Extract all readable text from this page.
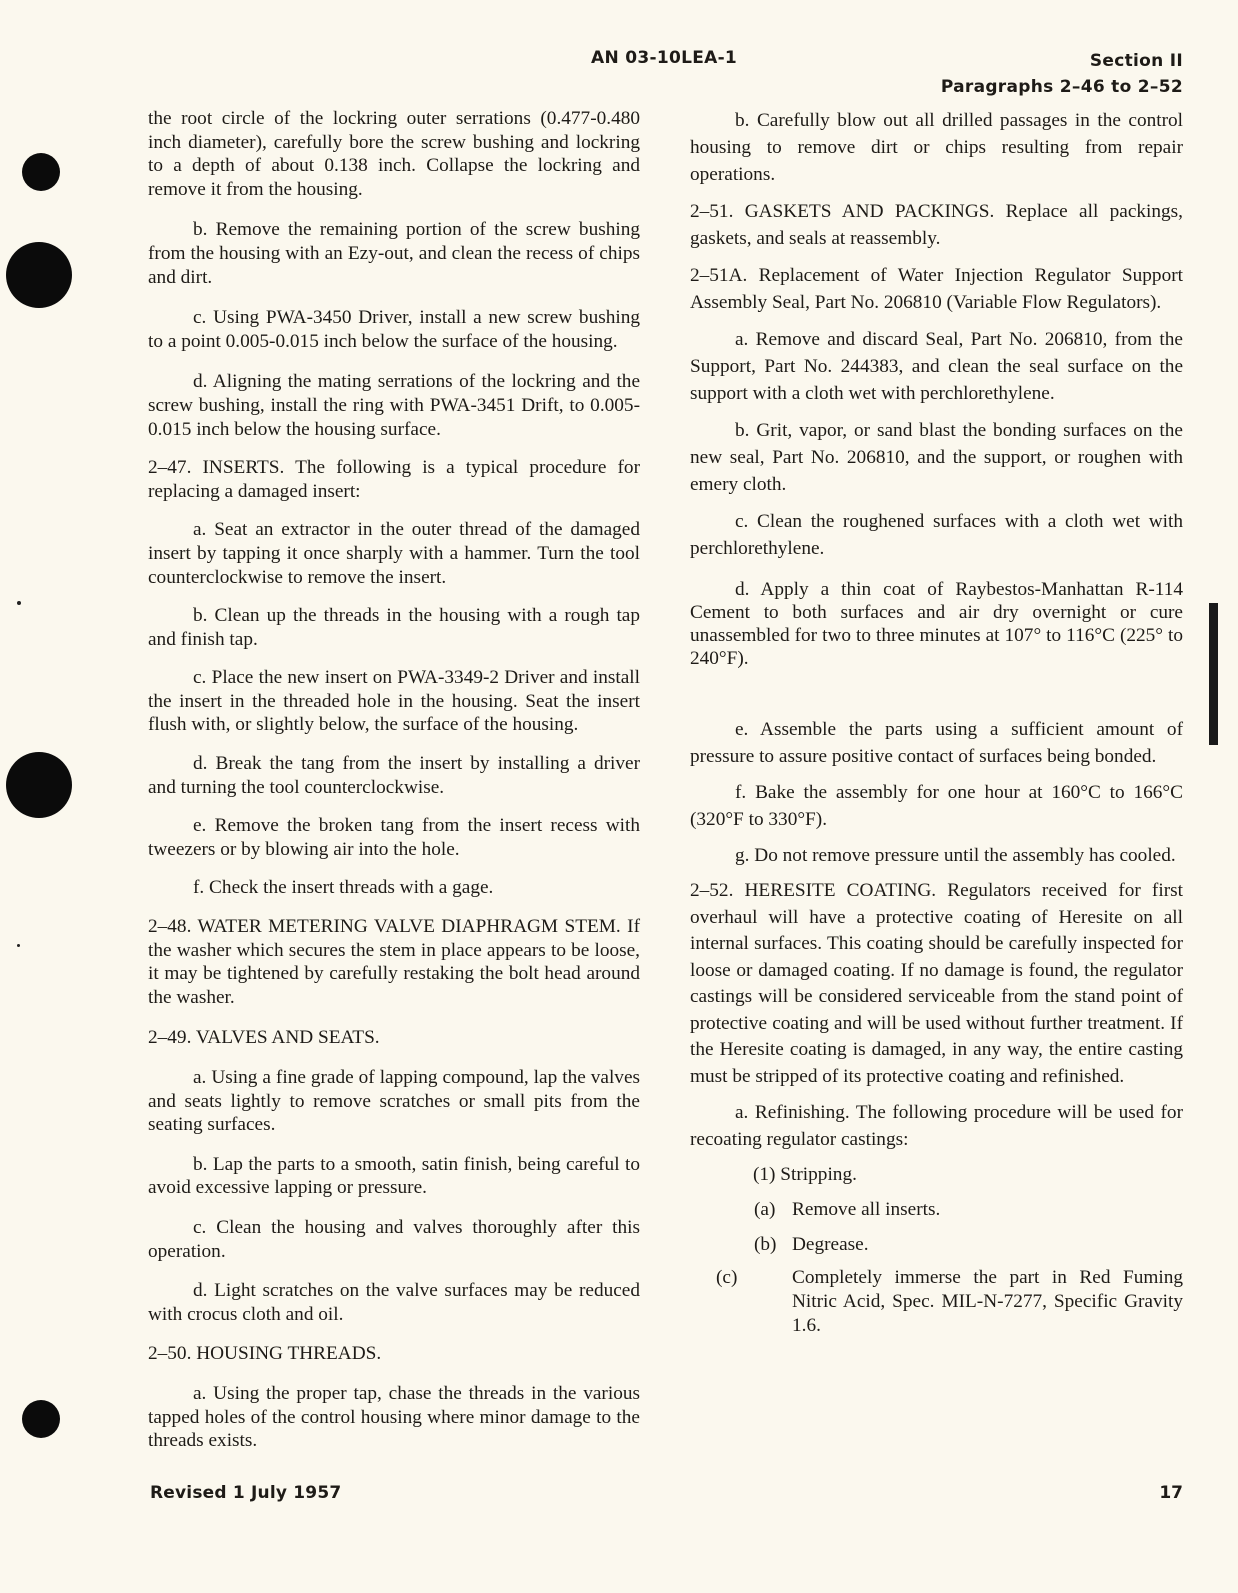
AN 03-10LEA-1	Section II
Paragraphs 2–46 to 2–52

the root circle of the lockring outer serrations (0.477-0.480 inch diameter), carefully bore the screw bushing and lockring to a depth of about 0.138 inch. Collapse the lockring and remove it from the housing.

b. Remove the remaining portion of the screw bushing from the housing with an Ezy-out, and clean the recess of chips and dirt.

c. Using PWA-3450 Driver, install a new screw bushing to a point 0.005-0.015 inch below the surface of the housing.

d. Aligning the mating serrations of the lockring and the screw bushing, install the ring with PWA-3451 Drift, to 0.005-0.015 inch below the housing surface.

2–47. INSERTS. The following is a typical procedure for replacing a damaged insert:

a. Seat an extractor in the outer thread of the damaged insert by tapping it once sharply with a hammer. Turn the tool counterclockwise to remove the insert.

b. Clean up the threads in the housing with a rough tap and finish tap.

c. Place the new insert on PWA-3349-2 Driver and install the insert in the threaded hole in the housing. Seat the insert flush with, or slightly below, the surface of the housing.

d. Break the tang from the insert by installing a driver and turning the tool counterclockwise.

e. Remove the broken tang from the insert recess with tweezers or by blowing air into the hole.

f. Check the insert threads with a gage.

2–48. WATER METERING VALVE DIAPHRAGM STEM. If the washer which secures the stem in place appears to be loose, it may be tightened by carefully restaking the bolt head around the washer.

2–49. VALVES AND SEATS.

a. Using a fine grade of lapping compound, lap the valves and seats lightly to remove scratches or small pits from the seating surfaces.

b. Lap the parts to a smooth, satin finish, being careful to avoid excessive lapping or pressure.

c. Clean the housing and valves thoroughly after this operation.

d. Light scratches on the valve surfaces may be reduced with crocus cloth and oil.

2–50. HOUSING THREADS.

a. Using the proper tap, chase the threads in the various tapped holes of the control housing where minor damage to the threads exists.

b. Carefully blow out all drilled passages in the control housing to remove dirt or chips resulting from repair operations.

2–51. GASKETS AND PACKINGS. Replace all packings, gaskets, and seals at reassembly.

2–51A. Replacement of Water Injection Regulator Support Assembly Seal, Part No. 206810 (Variable Flow Regulators).

a. Remove and discard Seal, Part No. 206810, from the Support, Part No. 244383, and clean the seal surface on the support with a cloth wet with perchlorethylene.

b. Grit, vapor, or sand blast the bonding surfaces on the new seal, Part No. 206810, and the support, or roughen with emery cloth.

c. Clean the roughened surfaces with a cloth wet with perchlorethylene.

d. Apply a thin coat of Raybestos-Manhattan R-114 Cement to both surfaces and air dry overnight or cure unassembled for two to three minutes at 107° to 116°C (225° to 240°F).

e. Assemble the parts using a sufficient amount of pressure to assure positive contact of surfaces being bonded.

f. Bake the assembly for one hour at 160°C to 166°C (320°F to 330°F).

g. Do not remove pressure until the assembly has cooled.

2–52. HERESITE COATING. Regulators received for first overhaul will have a protective coating of Heresite on all internal surfaces. This coating should be carefully inspected for loose or damaged coating. If no damage is found, the regulator castings will be considered serviceable from the stand point of protective coating and will be used without further treatment. If the Heresite coating is damaged, in any way, the entire casting must be stripped of its protective coating and refinished.

a. Refinishing. The following procedure will be used for recoating regulator castings:

(1) Stripping.

(a) Remove all inserts.

(b) Degrease.

(c)	Completely immerse the part in Red Fuming Nitric Acid, Spec. MIL-N-7277, Specific Gravity 1.6.

Revised 1 July 1957	17
